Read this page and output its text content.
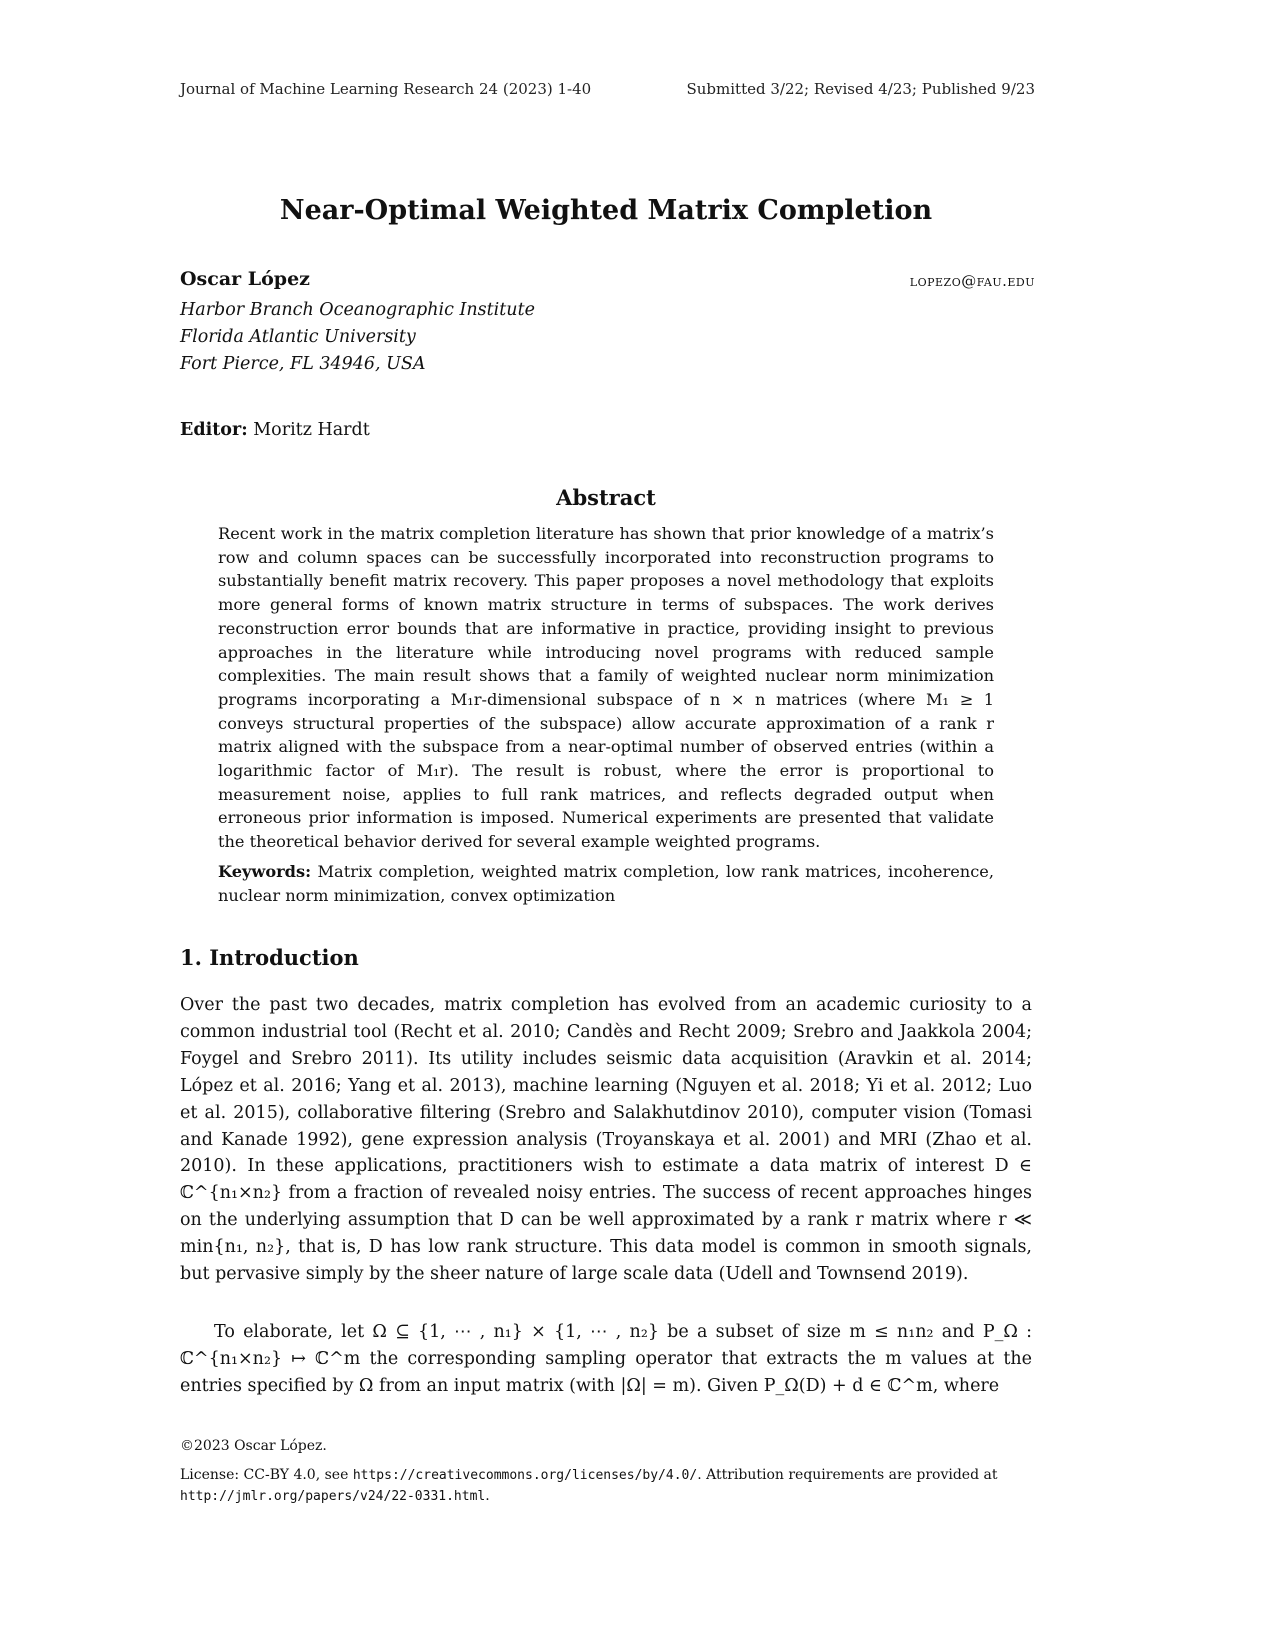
Journal of Machine Learning Research 24 (2023) 1-40	Submitted 3/22; Revised 4/23; Published 9/23
Near-Optimal Weighted Matrix Completion
Oscar López	lopezo@fau.edu
Harbor Branch Oceanographic Institute
Florida Atlantic University
Fort Pierce, FL 34946, USA
Editor: Moritz Hardt
Abstract
Recent work in the matrix completion literature has shown that prior knowledge of a matrix’s row and column spaces can be successfully incorporated into reconstruction programs to substantially benefit matrix recovery. This paper proposes a novel methodology that exploits more general forms of known matrix structure in terms of subspaces. The work derives reconstruction error bounds that are informative in practice, providing insight to previous approaches in the literature while introducing novel programs with reduced sample complexities. The main result shows that a family of weighted nuclear norm minimization programs incorporating a M₁r-dimensional subspace of n × n matrices (where M₁ ≥ 1 conveys structural properties of the subspace) allow accurate approximation of a rank r matrix aligned with the subspace from a near-optimal number of observed entries (within a logarithmic factor of M₁r). The result is robust, where the error is proportional to measurement noise, applies to full rank matrices, and reflects degraded output when erroneous prior information is imposed. Numerical experiments are presented that validate the theoretical behavior derived for several example weighted programs.
Keywords: Matrix completion, weighted matrix completion, low rank matrices, incoherence, nuclear norm minimization, convex optimization
1. Introduction
Over the past two decades, matrix completion has evolved from an academic curiosity to a common industrial tool (Recht et al. 2010; Candès and Recht 2009; Srebro and Jaakkola 2004; Foygel and Srebro 2011). Its utility includes seismic data acquisition (Aravkin et al. 2014; López et al. 2016; Yang et al. 2013), machine learning (Nguyen et al. 2018; Yi et al. 2012; Luo et al. 2015), collaborative filtering (Srebro and Salakhutdinov 2010), computer vision (Tomasi and Kanade 1992), gene expression analysis (Troyanskaya et al. 2001) and MRI (Zhao et al. 2010). In these applications, practitioners wish to estimate a data matrix of interest D ∈ ℂ^{n₁×n₂} from a fraction of revealed noisy entries. The success of recent approaches hinges on the underlying assumption that D can be well approximated by a rank r matrix where r ≪ min{n₁, n₂}, that is, D has low rank structure. This data model is common in smooth signals, but pervasive simply by the sheer nature of large scale data (Udell and Townsend 2019).
To elaborate, let Ω ⊆ {1, ⋯ , n₁} × {1, ⋯ , n₂} be a subset of size m ≤ n₁n₂ and P_Ω : ℂ^{n₁×n₂} ↦ ℂ^m the corresponding sampling operator that extracts the m values at the entries specified by Ω from an input matrix (with |Ω| = m). Given P_Ω(D) + d ∈ ℂ^m, where
©2023 Oscar López.
License: CC-BY 4.0, see https://creativecommons.org/licenses/by/4.0/. Attribution requirements are provided at http://jmlr.org/papers/v24/22-0331.html.
